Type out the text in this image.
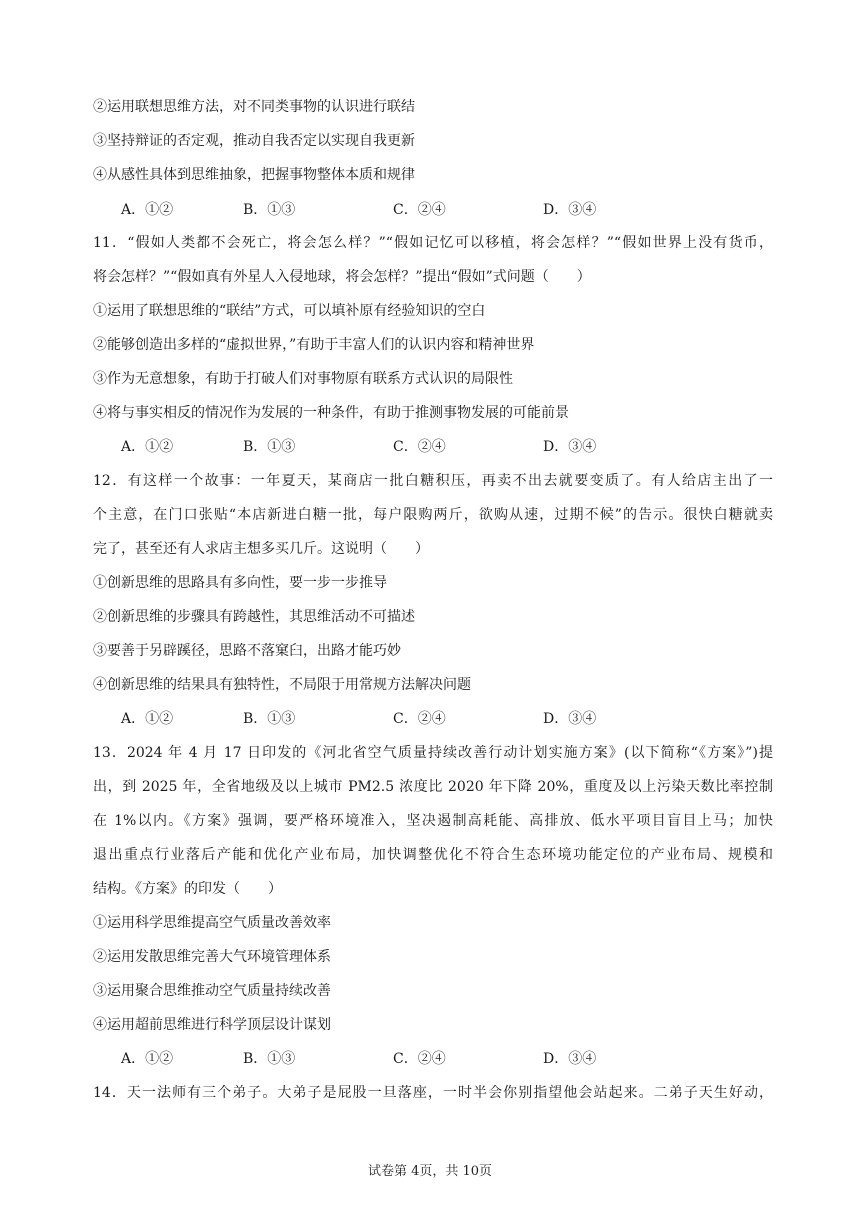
②运用联想思维方法，对不同类事物的认识进行联结
③坚持辩证的否定观，推动自我否定以实现自我更新
④从感性具体到思维抽象，把握事物整体本质和规律
A．①②	B．①③	C．②④	D．③④
11．“假如人类都不会死亡，将会怎么样？”“假如记忆可以移植，将会怎样？”“假如世界上没有货币，
将会怎样？”“假如真有外星人入侵地球，将会怎样？”提出“假如”式问题（　　）
①运用了联想思维的“联结”方式，可以填补原有经验知识的空白
②能够创造出多样的“虚拟世界，”有助于丰富人们的认识内容和精神世界
③作为无意想象，有助于打破人们对事物原有联系方式认识的局限性
④将与事实相反的情况作为发展的一种条件，有助于推测事物发展的可能前景
A．①②	B．①③	C．②④	D．③④
12．有这样一个故事：一年夏天，某商店一批白糖积压，再卖不出去就要变质了。有人给店主出了一
个主意，在门口张贴“本店新进白糖一批，每户限购两斤，欲购从速，过期不候”的告示。很快白糖就卖
完了，甚至还有人求店主想多买几斤。这说明（　　）
①创新思维的思路具有多向性，要一步一步推导
②创新思维的步骤具有跨越性，其思维活动不可描述
③要善于另辟蹊径，思路不落窠臼，出路才能巧妙
④创新思维的结果具有独特性，不局限于用常规方法解决问题
A．①②	B．①③	C．②④	D．③④
13．2024 年 4 月 17 日印发的《河北省空气质量持续改善行动计划实施方案》(以下简称“《方案》”)提
出，到 2025 年，全省地级及以上城市 PM2.5 浓度比 2020 年下降 20%，重度及以上污染天数比率控制
在 1%以内。《方案》强调，要严格环境准入，坚决遏制高耗能、高排放、低水平项目盲目上马；加快
退出重点行业落后产能和优化产业布局，加快调整优化不符合生态环境功能定位的产业布局、规模和
结构。《方案》的印发（　　）
①运用科学思维提高空气质量改善效率
②运用发散思维完善大气环境管理体系
③运用聚合思维推动空气质量持续改善
④运用超前思维进行科学顶层设计谋划
A．①②	B．①③	C．②④	D．③④
14．天一法师有三个弟子。大弟子是屁股一旦落座，一时半会你别指望他会站起来。二弟子天生好动，
试卷第 4页，共 10页
